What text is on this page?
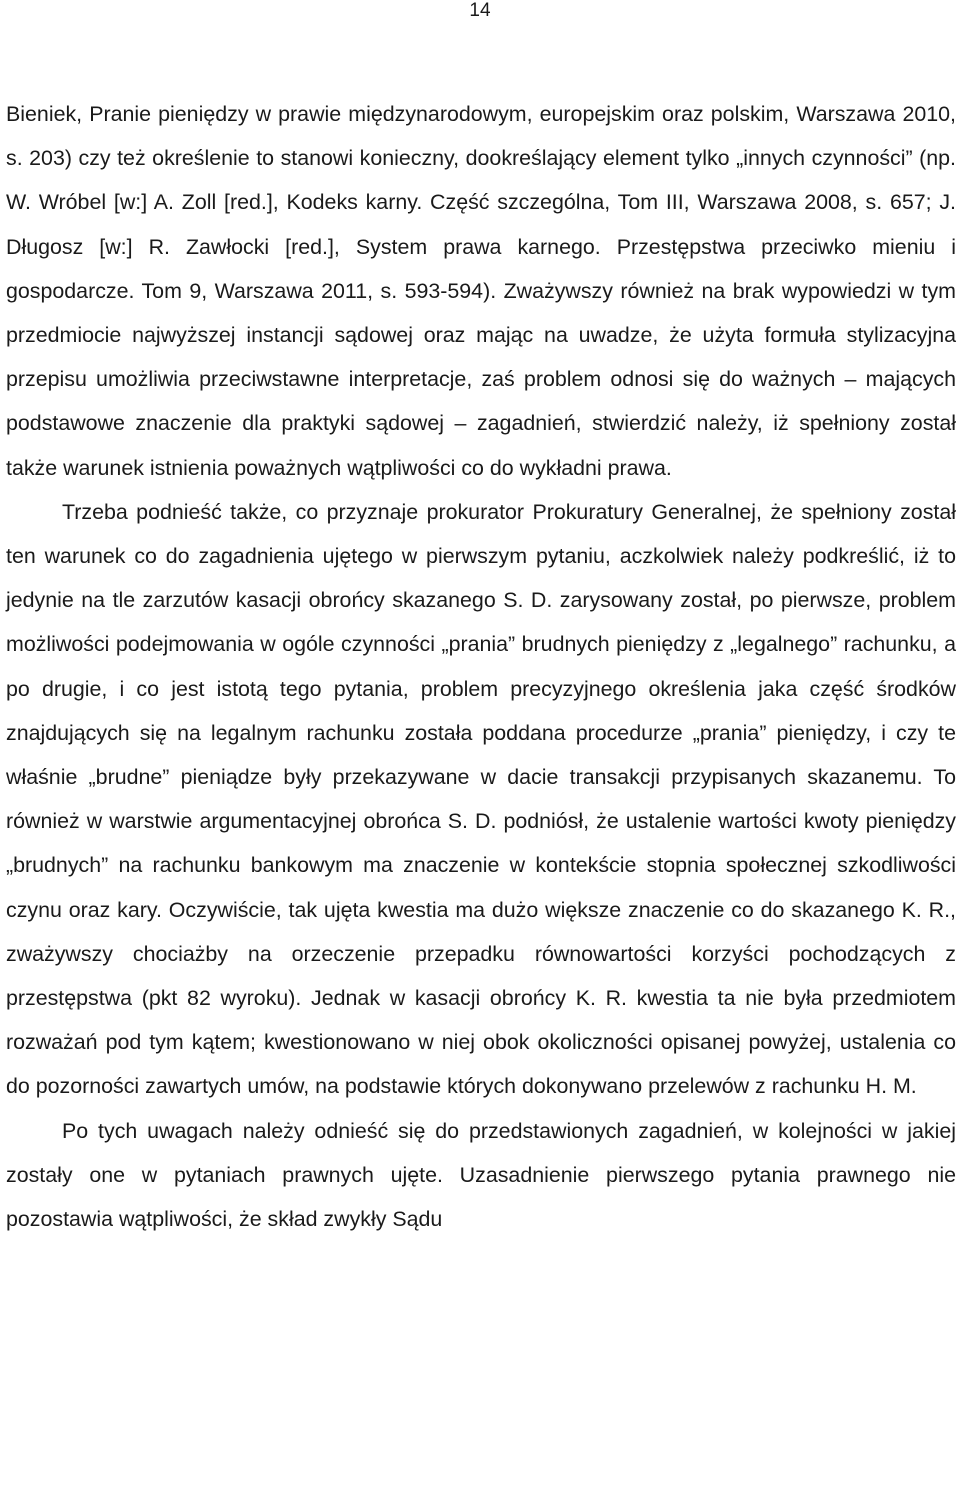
14

Bieniek, Pranie pieniędzy w prawie międzynarodowym, europejskim oraz polskim, Warszawa 2010, s. 203) czy też określenie to stanowi konieczny, dookreślający element tylko „innych czynności” (np. W. Wróbel [w:] A. Zoll [red.], Kodeks karny. Część szczególna, Tom III, Warszawa 2008, s. 657; J. Długosz [w:] R. Zawłocki [red.], System prawa karnego. Przestępstwa przeciwko mieniu i gospodarcze. Tom 9, Warszawa 2011, s. 593-594). Zważywszy również na brak wypowiedzi w tym przedmiocie najwyższej instancji sądowej oraz mając na uwadze, że użyta formuła stylizacyjna przepisu umożliwia przeciwstawne interpretacje, zaś problem odnosi się do ważnych – mających podstawowe znaczenie dla praktyki sądowej – zagadnień, stwierdzić należy, iż spełniony został także warunek istnienia poważnych wątpliwości co do wykładni prawa.

Trzeba podnieść także, co przyznaje prokurator Prokuratury Generalnej, że spełniony został ten warunek co do zagadnienia ujętego w pierwszym pytaniu, aczkolwiek należy podkreślić, iż to jedynie na tle zarzutów kasacji obrońcy skazanego S. D. zarysowany został, po pierwsze, problem możliwości podejmowania w ogóle czynności „prania” brudnych pieniędzy z „legalnego” rachunku, a po drugie, i co jest istotą tego pytania, problem precyzyjnego określenia jaka część środków znajdujących się na legalnym rachunku została poddana procedurze „prania” pieniędzy, i czy te właśnie „brudne” pieniądze były przekazywane w dacie transakcji przypisanych skazanemu. To również w warstwie argumentacyjnej obrońca S. D. podniósł, że ustalenie wartości kwoty pieniędzy „brudnych” na rachunku bankowym ma znaczenie w kontekście stopnia społecznej szkodliwości czynu oraz kary. Oczywiście, tak ujęta kwestia ma dużo większe znaczenie co do skazanego K. R., zważywszy chociażby na orzeczenie przepadku równowartości korzyści pochodzących z przestępstwa (pkt 82 wyroku). Jednak w kasacji obrońcy K. R. kwestia ta nie była przedmiotem rozważań pod tym kątem; kwestionowano w niej obok okoliczności opisanej powyżej, ustalenia co do pozorności zawartych umów, na podstawie których dokonywano przelewów z rachunku H. M.

Po tych uwagach należy odnieść się do przedstawionych zagadnień, w kolejności w jakiej zostały one w pytaniach prawnych ujęte. Uzasadnienie pierwszego pytania prawnego nie pozostawia wątpliwości, że skład zwykły Sądu
